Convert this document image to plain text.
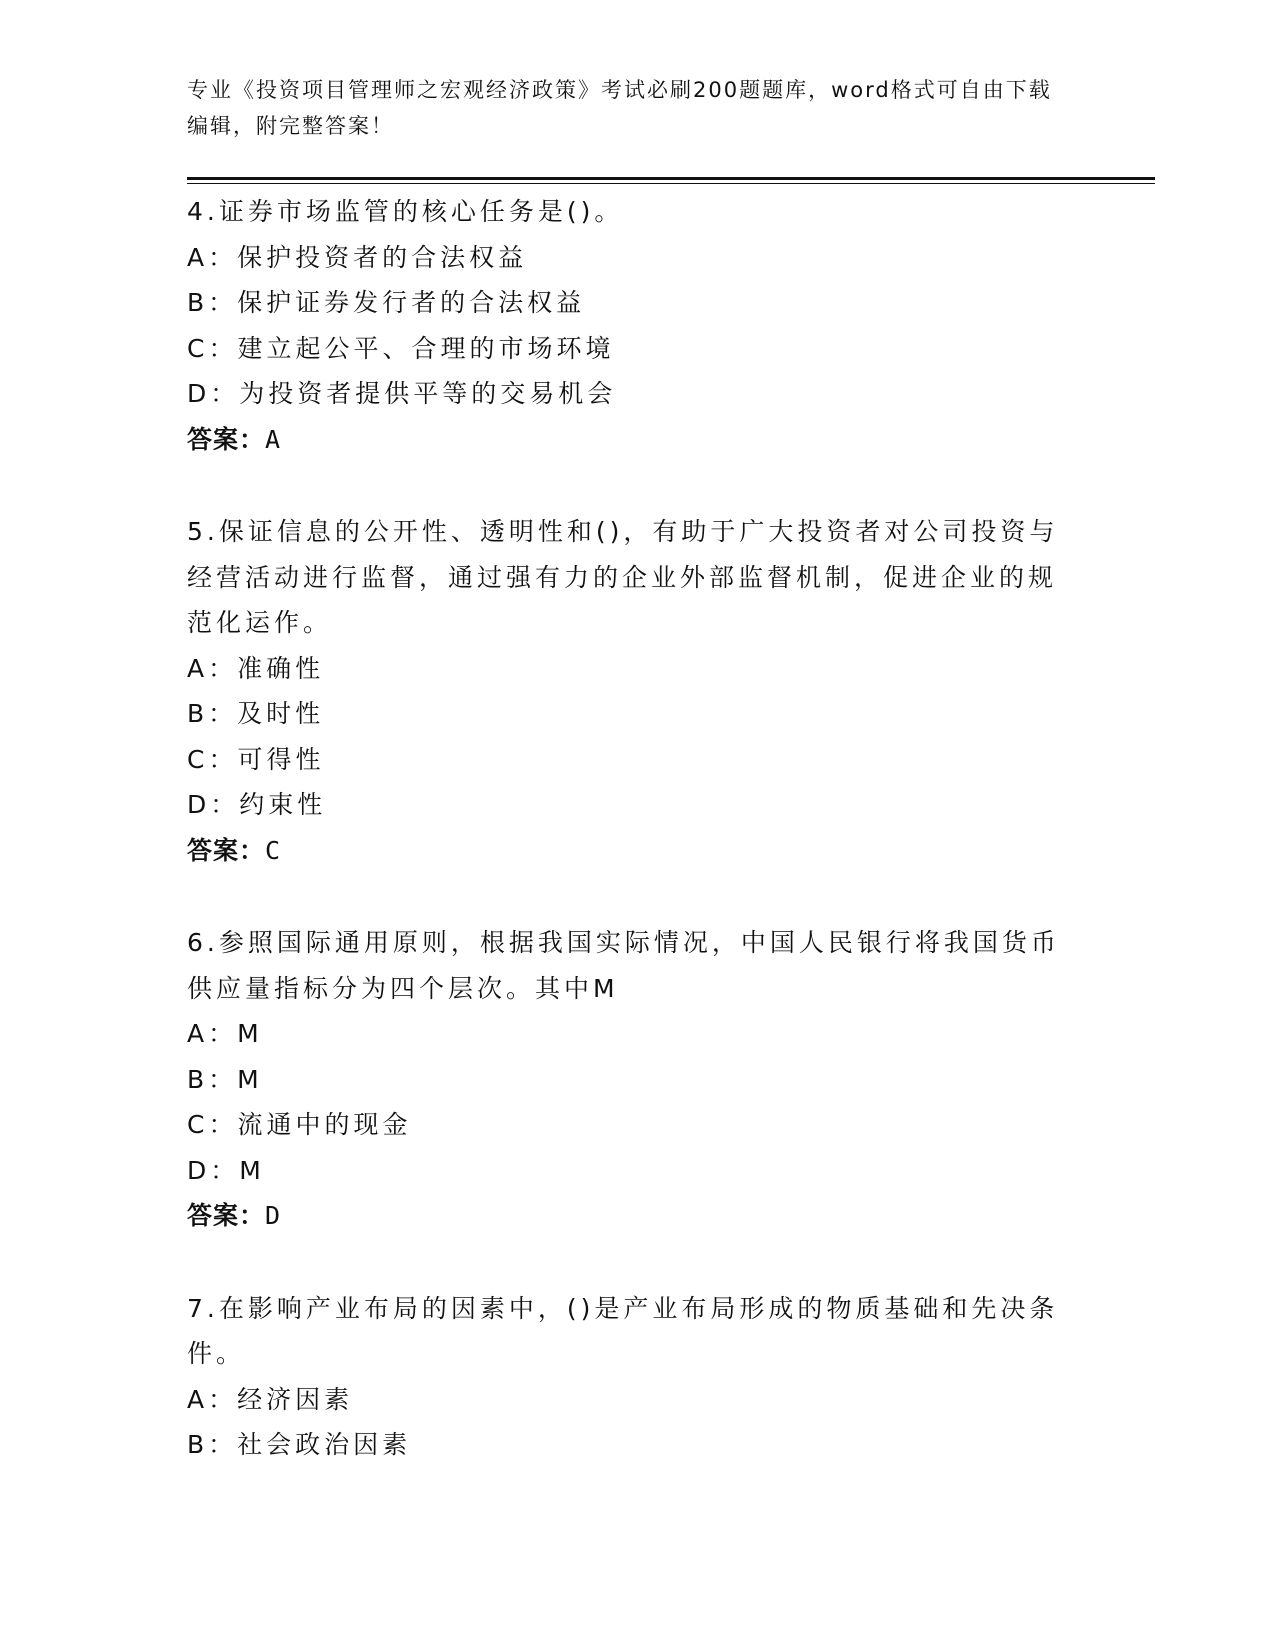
专业《投资项目管理师之宏观经济政策》考试必刷200题题库，word格式可自由下载编辑，附完整答案！
4.证券市场监管的核心任务是()。
A：保护投资者的合法权益
B：保护证券发行者的合法权益
C：建立起公平、合理的市场环境
D：为投资者提供平等的交易机会
答案：A
5.保证信息的公开性、透明性和()，有助于广大投资者对公司投资与经营活动进行监督，通过强有力的企业外部监督机制，促进企业的规范化运作。
A：准确性
B：及时性
C：可得性
D：约束性
答案：C
6.参照国际通用原则，根据我国实际情况，中国人民银行将我国货币供应量指标分为四个层次。其中M
A：M
B：M
C：流通中的现金
D：M
答案：D
7.在影响产业布局的因素中，()是产业布局形成的物质基础和先决条件。
A：经济因素
B：社会政治因素
